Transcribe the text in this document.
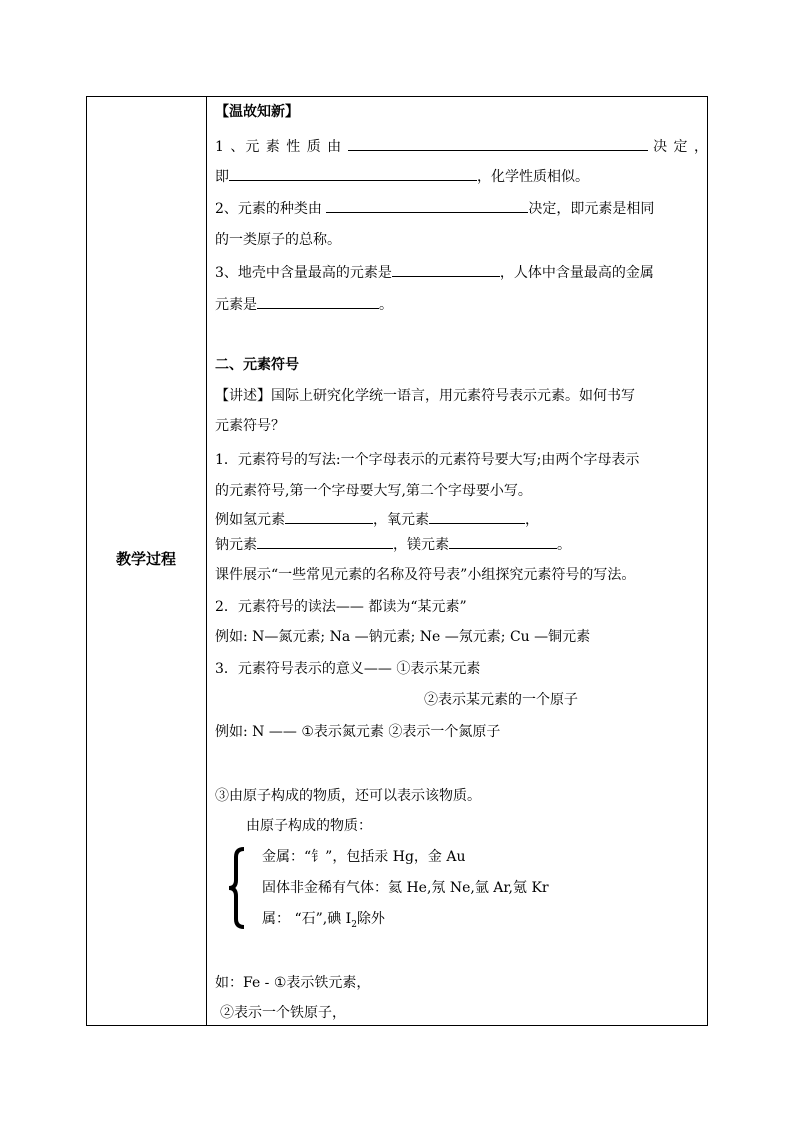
教学过程
【温故知新】
1 、元 素 性 质 由	决 定 ，
即	，化学性质相似。
2、元素的种类由	决定，即元素是相同
的一类原子的总称。
3、地壳中含量最高的元素是	，人体中含量最高的金属
元素是	。
二、元素符号
【讲述】国际上研究化学统一语言，用元素符号表示元素。如何书写
元素符号？
1．元素符号的写法:一个字母表示的元素符号要大写;由两个字母表示
的元素符号,第一个字母要大写,第二个字母要小写。
例如氢元素	，氧元素	，
钠元素	，镁元素	。
课件展示“一些常见元素的名称及符号表”小组探究元素符号的写法。
2．元素符号的读法—— 都读为“某元素”
例如: N—氮元素; Na —钠元素; Ne —氖元素; Cu —铜元素
3．元素符号表示的意义—— ①表示某元素
②表示某元素的一个原子
例如: N —— ①表示氮元素 ②表示一个氮原子
③由原子构成的物质，还可以表示该物质。
由原子构成的物质：
金属：“钅”，包括汞 Hg，金 Au
固体非金稀有气体：氦 He,氖 Ne,氩 Ar,氪 Kr
属： “石”,碘 $I_2$除外
如：Fe - ①表示铁元素，
②表示一个铁原子，
